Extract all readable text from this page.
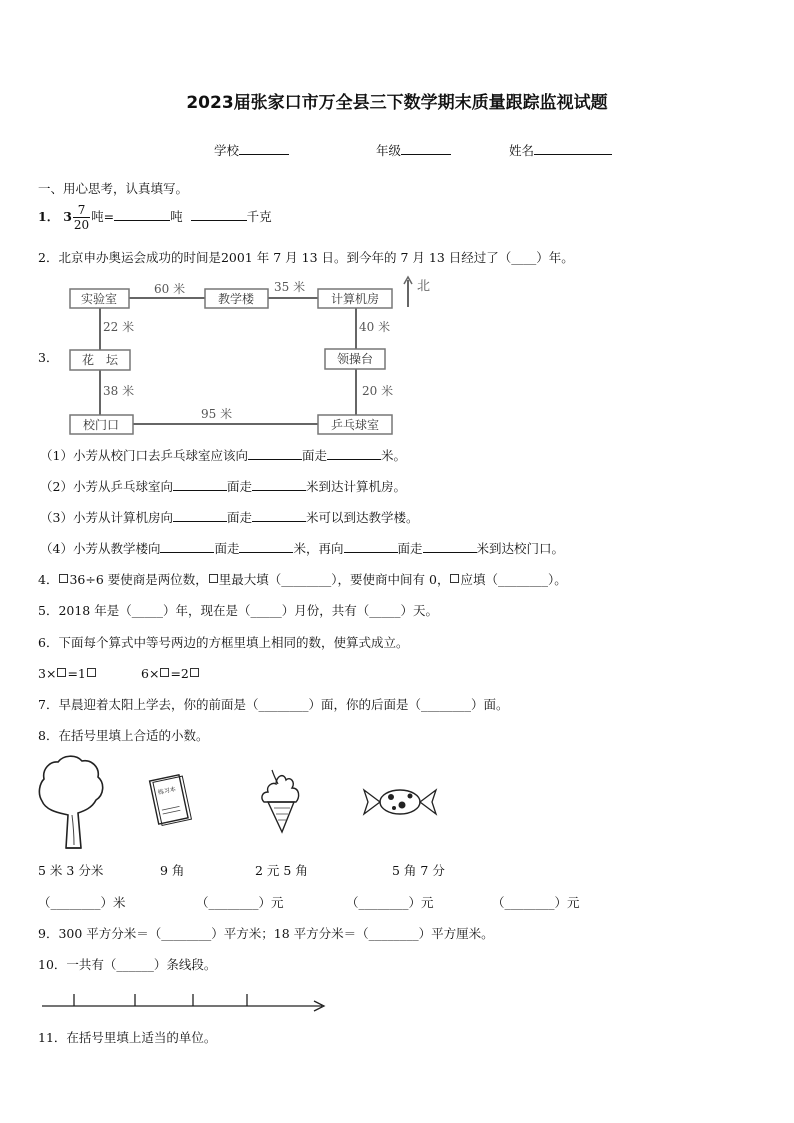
2023届张家口市万全县三下数学期末质量跟踪监视试题
学校	年级	姓名
一、用心思考，认真填写。
1． $3 \frac{7}{20}$ 吨=	吨	千克
2．北京申办奥运会成功的时间是2001 年 7 月 13 日。到今年的 7 月 13 日经过了（____）年。
3．
实验室	教学楼	计算机房
花　坛	领操台
校门口	乒乓球室
60 米	35 米
22 米
38 米
40 米
20 米
95 米
北
（1）小芳从校门口去乒乓球室应该向	面走	米。
（2）小芳从乒乓球室向	面走	米到达计算机房。
（3）小芳从计算机房向	面走	米可以到达教学楼。
（4）小芳从教学楼向	面走	米，再向	面走	米到达校门口。
4． 36÷6 要使商是两位数， 里最大填（________），要使商中间有 0， 应填（________）。
5．2018 年是（_____）年，现在是（_____）月份，共有（_____）天。
6．下面每个算式中等号两边的方框里填上相同的数，使算式成立。
3× =1	6× =2
7．早晨迎着太阳上学去，你的前面是（________）面，你的后面是（________）面。
8．在括号里填上合适的小数。
练习本
5 米 3 分米	9 角	2 元 5 角	5 角 7 分
（________）米	（________）元	（________）元	（________）元
9．300 平方分米＝（________）平方米；18 平方分米＝（________）平方厘米。
10．一共有（______）条线段。
11．在括号里填上适当的单位。
